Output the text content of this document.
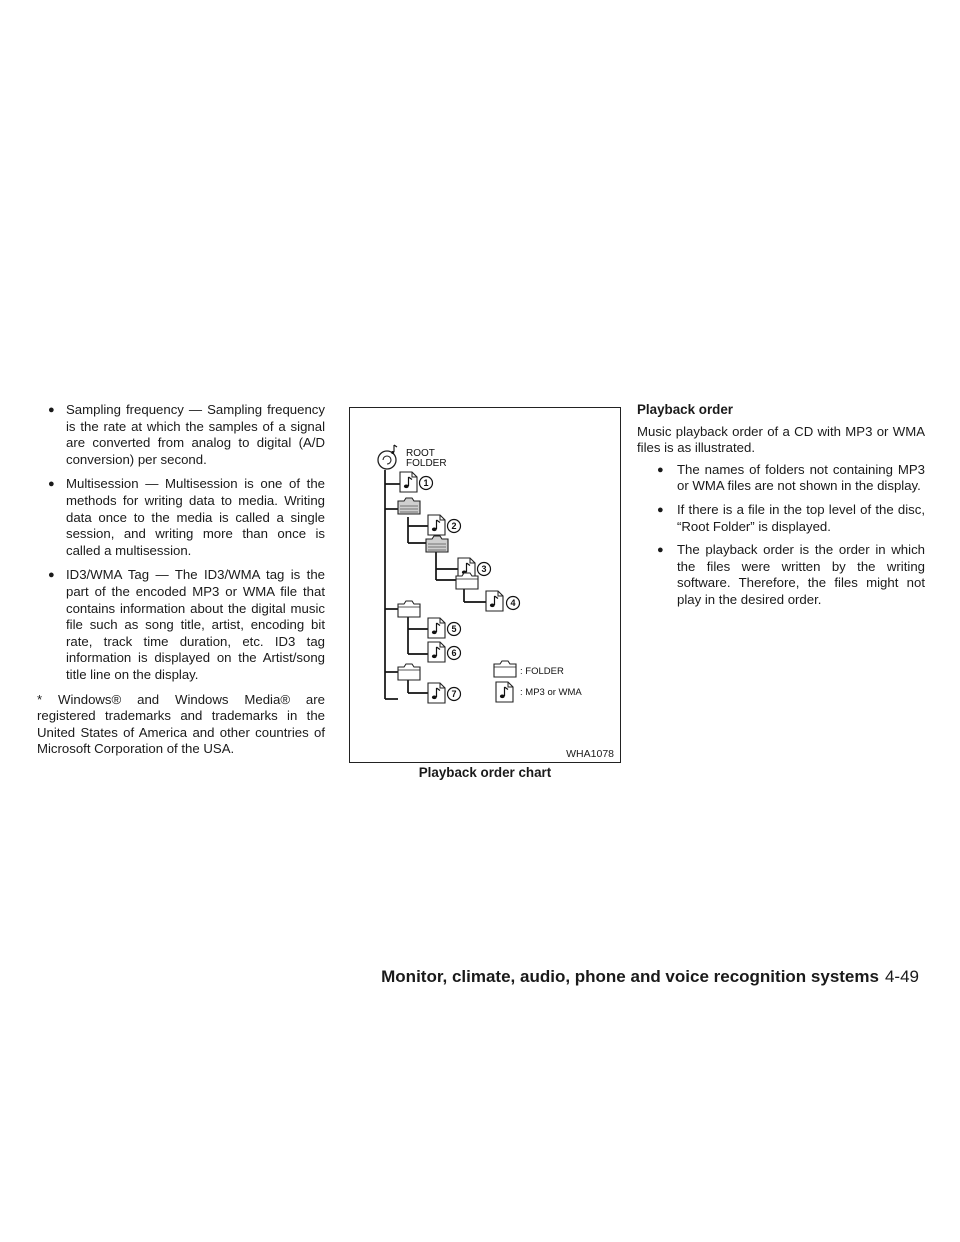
● Sampling frequency — Sampling frequency is the rate at which the samples of a signal are converted from analog to digital (A/D conversion) per second.
● Multisession — Multisession is one of the methods for writing data to media. Writing data once to the media is called a single session, and writing more than once is called a multisession.
● ID3/WMA Tag — The ID3/WMA tag is the part of the encoded MP3 or WMA file that contains information about the digital music file such as song title, artist, encoding bit rate, track time duration, etc. ID3 tag information is displayed on the Artist/song title line on the display.

* Windows® and Windows Media® are registered trademarks and trademarks in the United States of America and other countries of Microsoft Corporation of the USA.

ROOT
FOLDER
1
2
3
4
5
6
7
: FOLDER
: MP3 or WMA
WHA1078
Playback order chart
Playback order

Music playback order of a CD with MP3 or WMA files is as illustrated.

● The names of folders not containing MP3 or WMA files are not shown in the display.
● If there is a file in the top level of the disc, “Root Folder” is displayed.
● The playback order is the order in which the files were written by the writing software. Therefore, the files might not play in the desired order.
Monitor, climate, audio, phone and voice recognition systems 4-49
